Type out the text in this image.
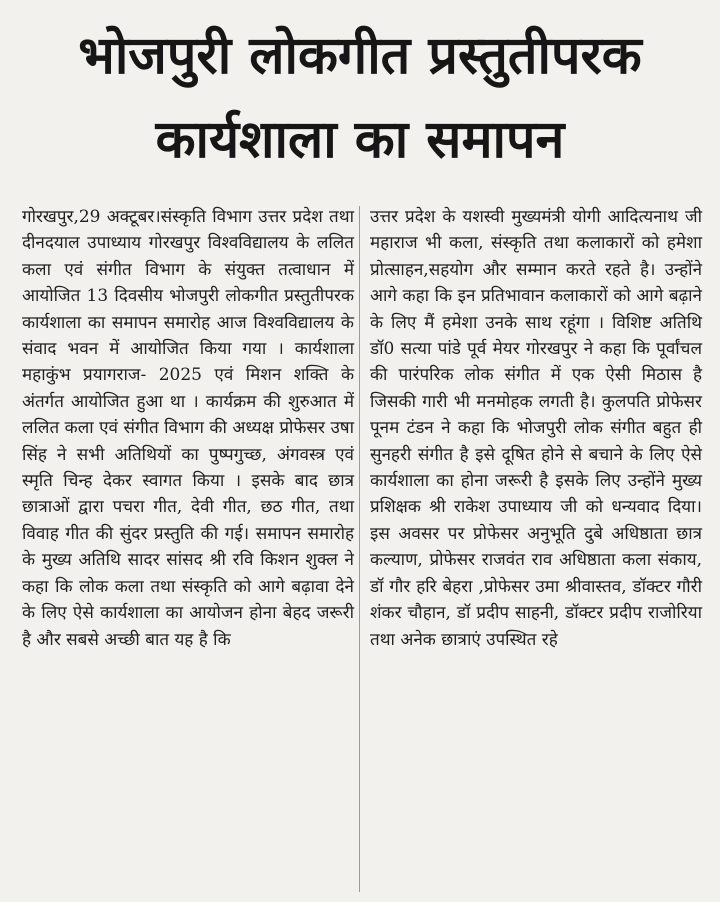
भोजपुरी लोकगीत प्रस्तुतीपरक
कार्यशाला का समापन

गोरखपुर,29 अक्टूबर।संस्कृति विभाग उत्तर प्रदेश तथा दीनदयाल उपाध्याय गोरखपुर विश्वविद्यालय के ललित कला एवं संगीत विभाग के संयुक्त तत्वाधान में आयोजित 13 दिवसीय भोजपुरी लोकगीत प्रस्तुतीपरक कार्यशाला का समापन समारोह आज विश्वविद्यालय के संवाद भवन में आयोजित किया गया । कार्यशाला महाकुंभ प्रयागराज- 2025 एवं मिशन शक्ति के अंतर्गत आयोजित हुआ था । कार्यक्रम की शुरुआत में ललित कला एवं संगीत विभाग की अध्यक्ष प्रोफेसर उषा सिंह ने सभी अतिथियों का पुष्पगुच्छ, अंगवस्त्र एवं स्मृति चिन्ह देकर स्वागत किया । इसके बाद छात्र छात्राओं द्वारा पचरा गीत, देवी गीत, छठ गीत, तथा विवाह गीत की सुंदर प्रस्तुति की गई। समापन समारोह के मुख्य अतिथि सादर सांसद श्री रवि किशन शुक्ल ने कहा कि लोक कला तथा संस्कृति को आगे बढ़ावा देने के लिए ऐसे कार्यशाला का आयोजन होना बेहद जरूरी है और सबसे अच्छी बात यह है कि

उत्तर प्रदेश के यशस्वी मुख्यमंत्री योगी आदित्यनाथ जी महाराज भी कला, संस्कृति तथा कलाकारों को हमेशा प्रोत्साहन,सहयोग और सम्मान करते रहते है। उन्होंने आगे कहा कि इन प्रतिभावान कलाकारों को आगे बढ़ाने के लिए मैं हमेशा उनके साथ रहूंगा । विशिष्ट अतिथि डॉ0 सत्या पांडे पूर्व मेयर गोरखपुर ने कहा कि पूर्वांचल की पारंपरिक लोक संगीत में एक ऐसी मिठास है जिसकी गारी भी मनमोहक लगती है। कुलपति प्रोफेसर पूनम टंडन ने कहा कि भोजपुरी लोक संगीत बहुत ही सुनहरी संगीत है इसे दूषित होने से बचाने के लिए ऐसे कार्यशाला का होना जरूरी है इसके लिए उन्होंने मुख्य प्रशिक्षक श्री राकेश उपाध्याय जी को धन्यवाद दिया। इस अवसर पर प्रोफेसर अनुभूति दुबे अधिष्ठाता छात्र कल्याण, प्रोफेसर राजवंत राव अधिष्ठाता कला संकाय, डॉ गौर हरि बेहरा ,प्रोफेसर उमा श्रीवास्तव, डॉक्टर गौरी शंकर चौहान, डॉ प्रदीप साहनी, डॉक्टर प्रदीप राजोरिया तथा अनेक छात्राएं उपस्थित रहे
